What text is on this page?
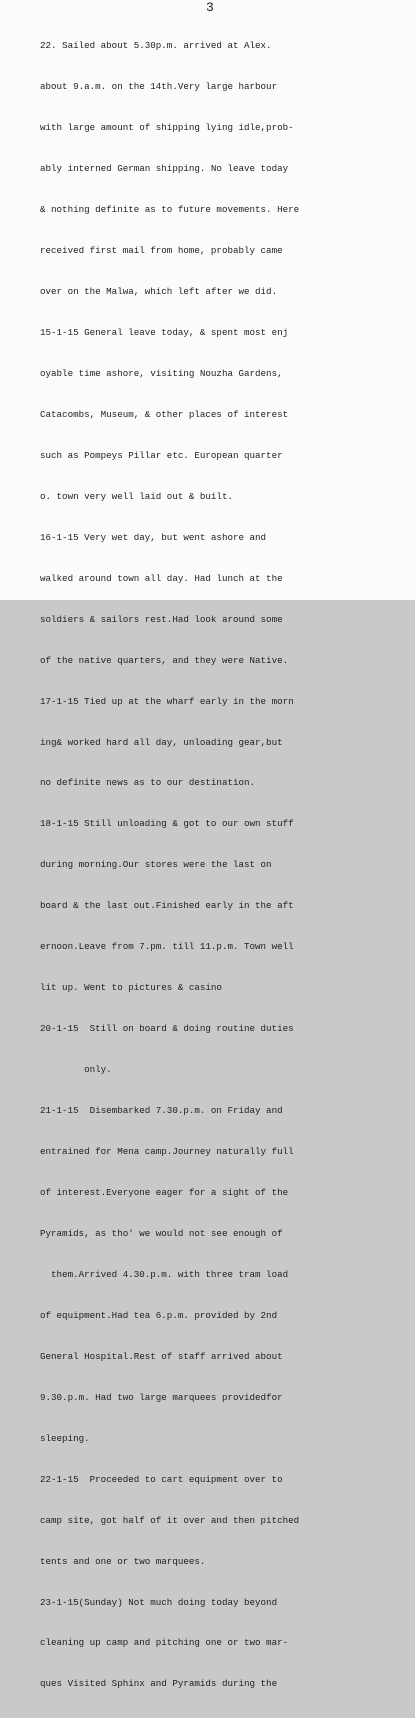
3

22. Sailed about 5.30p.m. arrived at Alex.

about 9.a.m. on the 14th.Very large harbour

with large amount of shipping lying idle,prob-

ably interned German shipping. No leave today

& nothing definite as to future movements. Here

received first mail from home, probably came

over on the Malwa, which left after we did.

15-1-15 General leave today, & spent most enj

oyable time ashore, visiting Nouzha Gardens,

Catacombs, Museum, & other places of interest

such as Pompeys Pillar etc. European quarter

o. town very well laid out & built.

16-1-15 Very wet day, but went ashore and

walked around town all day. Had lunch at the

soldiers & sailors rest.Had look around some

of the native quarters, and they were Native.

17-1-15 Tied up at the wharf early in the morn

ing& worked hard all day, unloading gear,but

no definite news as to our destination.

18-1-15 Still unloading & got to our own stuff

during morning.Our stores were the last on

board & the last out.Finished early in the aft

ernoon.Leave from 7.pm. till 11.p.m. Town well

lit up. Went to pictures & casino

20-1-15  Still on board & doing routine duties

only.

21-1-15  Disembarked 7.30.p.m. on Friday and

entrained for Mena camp.Journey naturally full

of interest.Everyone eager for a sight of the

Pyramids, as tho' we would not see enough of

them.Arrived 4.30.p.m. with three tram load

of equipment.Had tea 6.p.m. provided by 2nd

General Hospital.Rest of staff arrived about

9.30.p.m. Had two large marquees providedfor

sleeping.

22-1-15  Proceeded to cart equipment over to

camp site, got half of it over and then pitched

tents and one or two marquees.

23-1-15(Sunday) Not much doing today beyond

cleaning up camp and pitching one or two mar-

ques Visited Sphinx and Pyramids during the
